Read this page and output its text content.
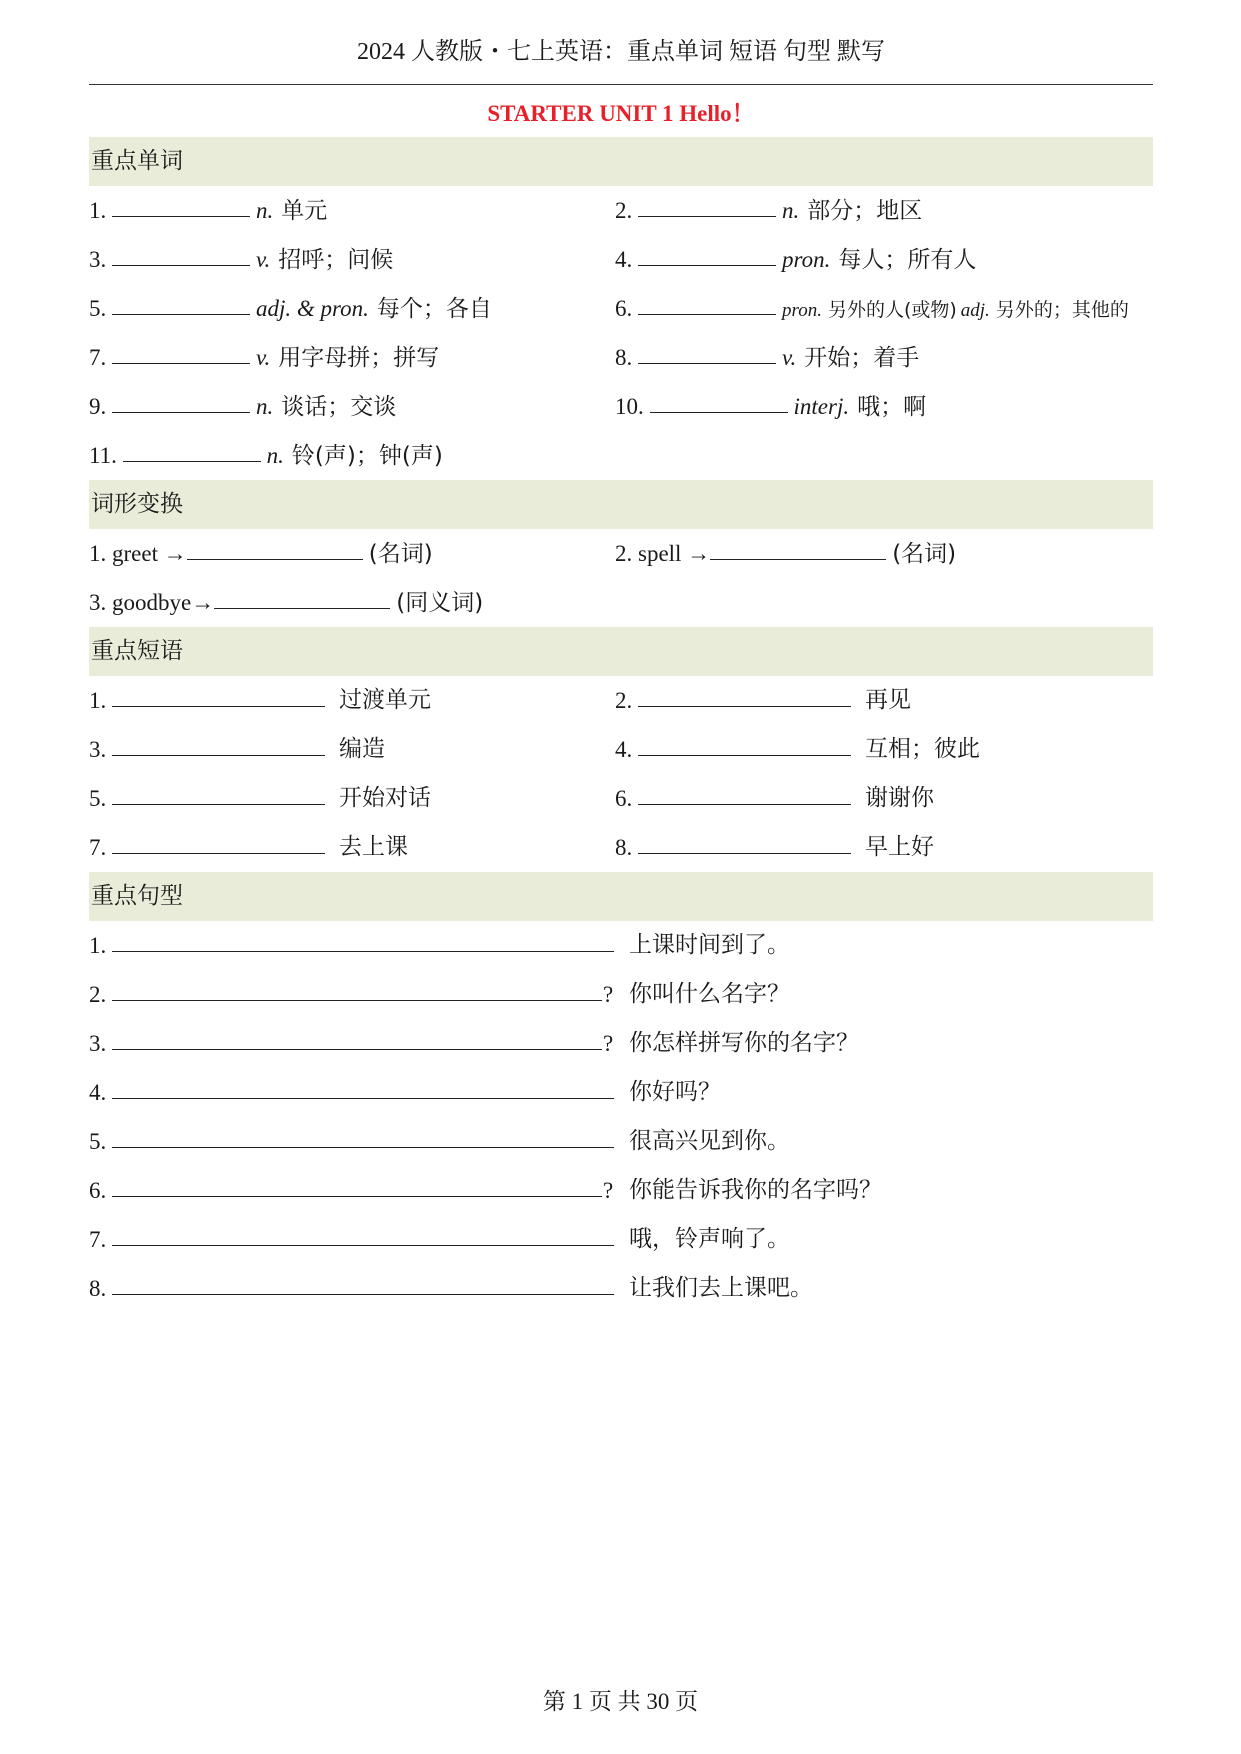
2024 人教版・七上英语：重点单词 短语 句型 默写
STARTER UNIT 1 Hello！
重点单词
1.	n. 单元	2.	n. 部分；地区
3.	v. 招呼；问候	4.	pron. 每人；所有人
5.	adj. & pron. 每个；各自	6.	pron. 另外的人(或物) adj. 另外的；其他的
7.	v. 用字母拼；拼写	8.	v. 开始；着手
9.	n. 谈话；交谈	10.	interj. 哦；啊
11.	n. 铃(声)；钟(声)
词形变换
1. greet →	(名词)	2. spell →	(名词)
3. goodbye→	(同义词)
重点短语
1.	过渡单元	2.	再见
3.	编造	4.	互相；彼此
5.	开始对话	6.	谢谢你
7.	去上课	8.	早上好
重点句型
1.	上课时间到了。
2.	? 你叫什么名字？
3.	? 你怎样拼写你的名字？
4.	你好吗？
5.	很高兴见到你。
6.	? 你能告诉我你的名字吗？
7.	哦，铃声响了。
8.	让我们去上课吧。
第 1 页 共 30 页
